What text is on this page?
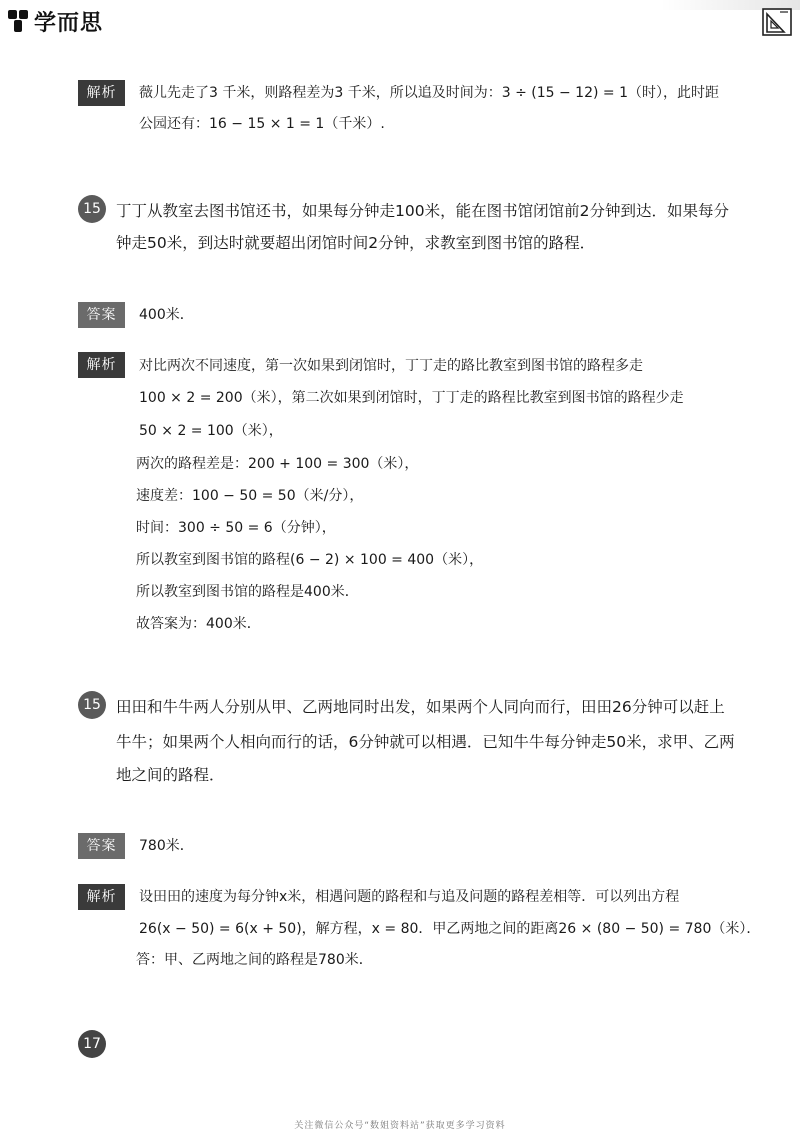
学而思
解析	薇儿先走了3 千米，则路程差为3 千米，所以追及时间为：3 ÷ (15 − 12) = 1（时），此时距
公园还有：16 − 15 × 1 = 1（千米）.
15 丁丁从教室去图书馆还书，如果每分钟走100米，能在图书馆闭馆前2分钟到达．如果每分
钟走50米，到达时就要超出闭馆时间2分钟，求教室到图书馆的路程．
答案	400米．
解析	对比两次不同速度，第一次如果到闭馆时，丁丁走的路比教室到图书馆的路程多走
100 × 2 = 200（米），第二次如果到闭馆时，丁丁走的路程比教室到图书馆的路程少走
50 × 2 = 100（米），
两次的路程差是：200 + 100 = 300（米），
速度差：100 − 50 = 50（米/分），
时间：300 ÷ 50 = 6（分钟），
所以教室到图书馆的路程(6 − 2) × 100 = 400（米），
所以教室到图书馆的路程是400米．
故答案为：400米．
15 田田和牛牛两人分别从甲、乙两地同时出发，如果两个人同向而行，田田26分钟可以赶上
牛牛；如果两个人相向而行的话，6分钟就可以相遇．已知牛牛每分钟走50米，求甲、乙两
地之间的路程．
答案	780米．
解析	设田田的速度为每分钟x米，相遇问题的路程和与追及问题的路程差相等．可以列出方程
26(x − 50) = 6(x + 50)，解方程，x = 80．甲乙两地之间的距离26 × (80 − 50) = 780（米）．
答：甲、乙两地之间的路程是780米．
17
关注微信公众号“数姐资料站”获取更多学习资料
